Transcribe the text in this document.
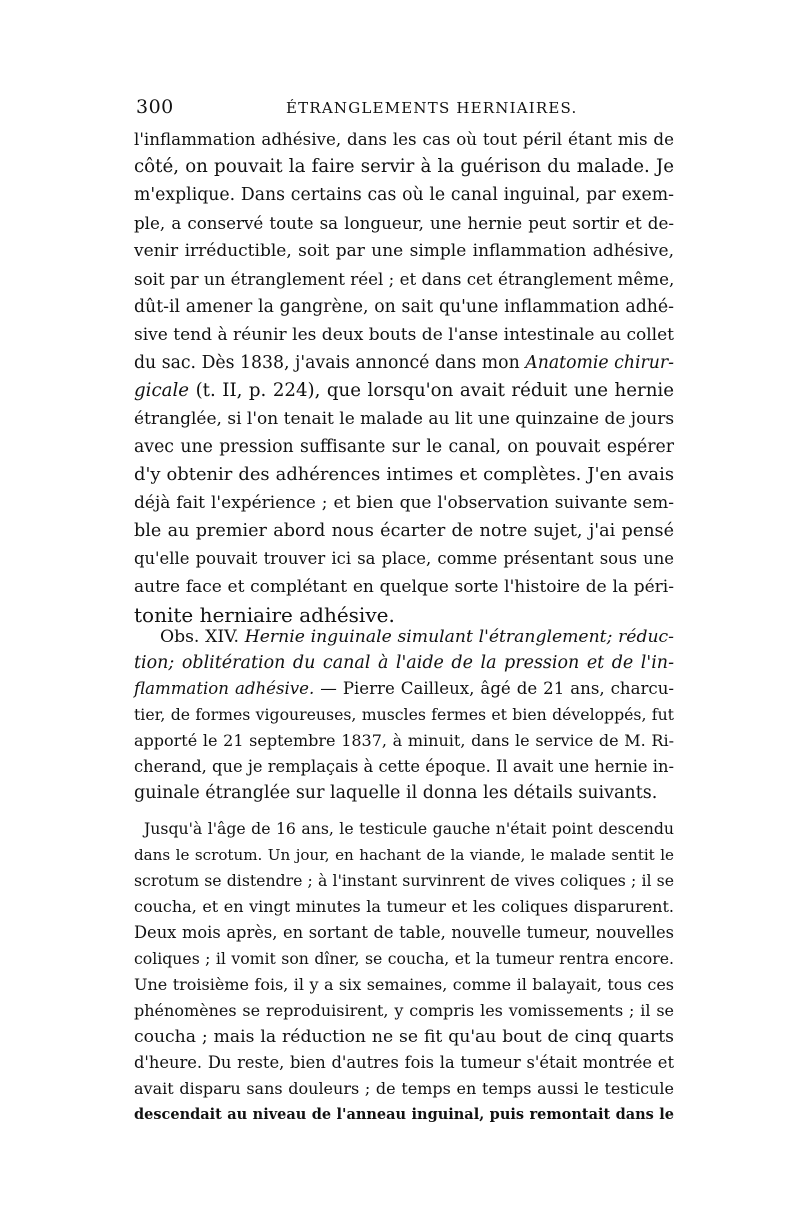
300	ÉTRANGLEMENTS HERNIAIRES.
l'inflammation adhésive, dans les cas où tout péril étant mis de
côté, on pouvait la faire servir à la guérison du malade. Je
m'explique. Dans certains cas où le canal inguinal, par exem-
ple, a conservé toute sa longueur, une hernie peut sortir et de-
venir irréductible, soit par une simple inflammation adhésive,
soit par un étranglement réel ; et dans cet étranglement même,
dût-il amener la gangrène, on sait qu'une inflammation adhé-
sive tend à réunir les deux bouts de l'anse intestinale au collet
du sac. Dès 1838, j'avais annoncé dans mon Anatomie chirur-
gicale (t. II, p. 224), que lorsqu'on avait réduit une hernie
étranglée, si l'on tenait le malade au lit une quinzaine de jours
avec une pression suffisante sur le canal, on pouvait espérer
d'y obtenir des adhérences intimes et complètes. J'en avais
déjà fait l'expérience ; et bien que l'observation suivante sem-
ble au premier abord nous écarter de notre sujet, j'ai pensé
qu'elle pouvait trouver ici sa place, comme présentant sous une
autre face et complétant en quelque sorte l'histoire de la péri-
tonite herniaire adhésive.
Obs. XIV. Hernie inguinale simulant l'étranglement; réduc-
tion; oblitération du canal à l'aide de la pression et de l'in-
flammation adhésive. — Pierre Cailleux, âgé de 21 ans, charcu-
tier, de formes vigoureuses, muscles fermes et bien développés, fut
apporté le 21 septembre 1837, à minuit, dans le service de M. Ri-
cherand, que je remplaçais à cette époque. Il avait une hernie in-
guinale étranglée sur laquelle il donna les détails suivants.
Jusqu'à l'âge de 16 ans, le testicule gauche n'était point descendu
dans le scrotum. Un jour, en hachant de la viande, le malade sentit le
scrotum se distendre ; à l'instant survinrent de vives coliques ; il se
coucha, et en vingt minutes la tumeur et les coliques disparurent.
Deux mois après, en sortant de table, nouvelle tumeur, nouvelles
coliques ; il vomit son dîner, se coucha, et la tumeur rentra encore.
Une troisième fois, il y a six semaines, comme il balayait, tous ces
phénomènes se reproduisirent, y compris les vomissements ; il se
coucha ; mais la réduction ne se fit qu'au bout de cinq quarts
d'heure. Du reste, bien d'autres fois la tumeur s'était montrée et
avait disparu sans douleurs ; de temps en temps aussi le testicule
descendait au niveau de l'anneau inguinal, puis remontait dans le
